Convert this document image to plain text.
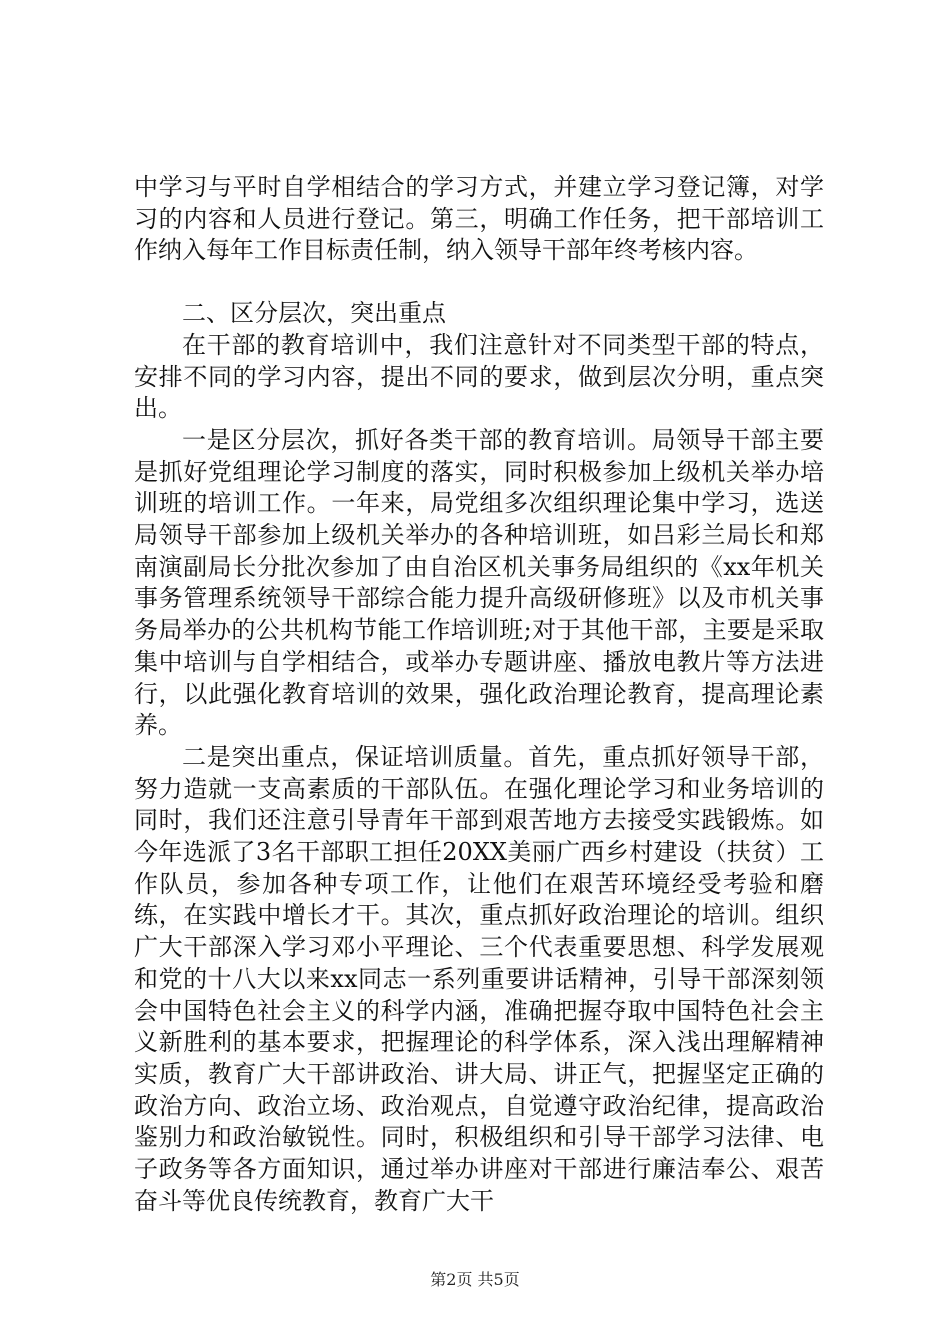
中学习与平时自学相结合的学习方式，并建立学习登记簿，对学习的内容和人员进行登记。第三，明确工作任务，把干部培训工作纳入每年工作目标责任制，纳入领导干部年终考核内容。

二、区分层次，突出重点

在干部的教育培训中，我们注意针对不同类型干部的特点，安排不同的学习内容，提出不同的要求，做到层次分明，重点突出。

一是区分层次，抓好各类干部的教育培训。局领导干部主要是抓好党组理论学习制度的落实，同时积极参加上级机关举办培训班的培训工作。一年来，局党组多次组织理论集中学习，选送局领导干部参加上级机关举办的各种培训班，如吕彩兰局长和郑南演副局长分批次参加了由自治区机关事务局组织的《xx年机关事务管理系统领导干部综合能力提升高级研修班》以及市机关事务局举办的公共机构节能工作培训班;对于其他干部，主要是采取集中培训与自学相结合，或举办专题讲座、播放电教片等方法进行，以此强化教育培训的效果，强化政治理论教育，提高理论素养。

二是突出重点，保证培训质量。首先，重点抓好领导干部，努力造就一支高素质的干部队伍。在强化理论学习和业务培训的同时，我们还注意引导青年干部到艰苦地方去接受实践锻炼。如今年选派了3名干部职工担任20XX美丽广西乡村建设（扶贫）工作队员，参加各种专项工作，让他们在艰苦环境经受考验和磨练，在实践中增长才干。其次，重点抓好政治理论的培训。组织广大干部深入学习邓小平理论、三个代表重要思想、科学发展观和党的十八大以来xx同志一系列重要讲话精神，引导干部深刻领会中国特色社会主义的科学内涵，准确把握夺取中国特色社会主义新胜利的基本要求，把握理论的科学体系，深入浅出理解精神实质，教育广大干部讲政治、讲大局、讲正气，把握坚定正确的政治方向、政治立场、政治观点，自觉遵守政治纪律，提高政治鉴别力和政治敏锐性。同时，积极组织和引导干部学习法律、电子政务等各方面知识，通过举办讲座对干部进行廉洁奉公、艰苦奋斗等优良传统教育，教育广大干

第2页 共5页
